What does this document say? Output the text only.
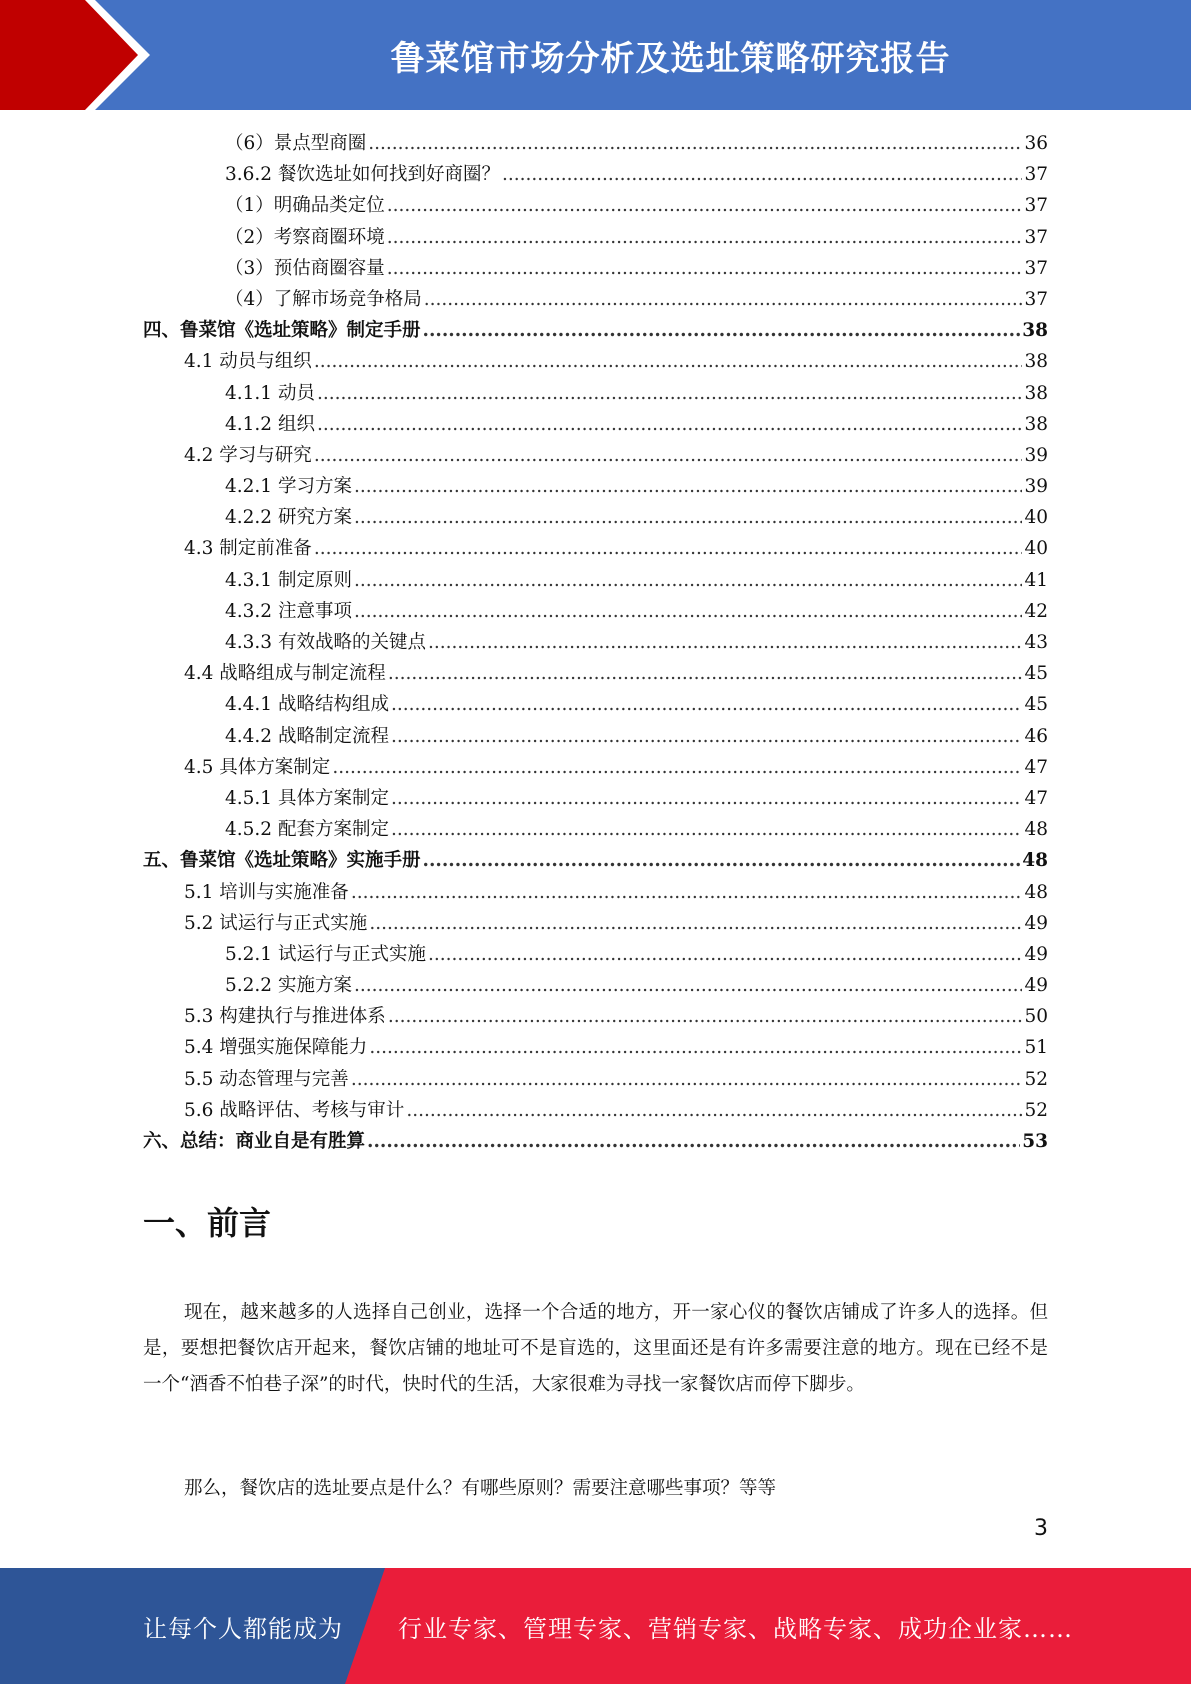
鲁菜馆市场分析及选址策略研究报告
（6）景点型商圈 .....	36
3.6.2 餐饮选址如何找到好商圈？ .....	37
（1）明确品类定位 .....	37
（2）考察商圈环境 .....	37
（3）预估商圈容量 .....	37
（4）了解市场竞争格局 .....	37
四、鲁菜馆《选址策略》制定手册 .....	38
4.1 动员与组织 .....	38
4.1.1 动员 .....	38
4.1.2 组织 .....	38
4.2 学习与研究 .....	39
4.2.1 学习方案 .....	39
4.2.2 研究方案 .....	40
4.3 制定前准备 .....	40
4.3.1 制定原则 .....	41
4.3.2 注意事项 .....	42
4.3.3 有效战略的关键点 .....	43
4.4 战略组成与制定流程 .....	45
4.4.1 战略结构组成 .....	45
4.4.2 战略制定流程 .....	46
4.5 具体方案制定 .....	47
4.5.1 具体方案制定 .....	47
4.5.2 配套方案制定 .....	48
五、鲁菜馆《选址策略》实施手册 .....	48
5.1 培训与实施准备 .....	48
5.2 试运行与正式实施 .....	49
5.2.1 试运行与正式实施 .....	49
5.2.2 实施方案 .....	49
5.3 构建执行与推进体系 .....	50
5.4 增强实施保障能力 .....	51
5.5 动态管理与完善 .....	52
5.6 战略评估、考核与审计 .....	52
六、总结：商业自是有胜算 .....	53
一、前言

现在，越来越多的人选择自己创业，选择一个合适的地方，开一家心仪的餐饮店铺成了许多人的选择。但是，要想把餐饮店开起来，餐饮店铺的地址可不是盲选的，这里面还是有许多需要注意的地方。现在已经不是一个“酒香不怕巷子深”的时代，快时代的生活，大家很难为寻找一家餐饮店而停下脚步。

那么，餐饮店的选址要点是什么？有哪些原则？需要注意哪些事项？等等

3
让每个人都能成为 行业专家、管理专家、营销专家、战略专家、成功企业家……
